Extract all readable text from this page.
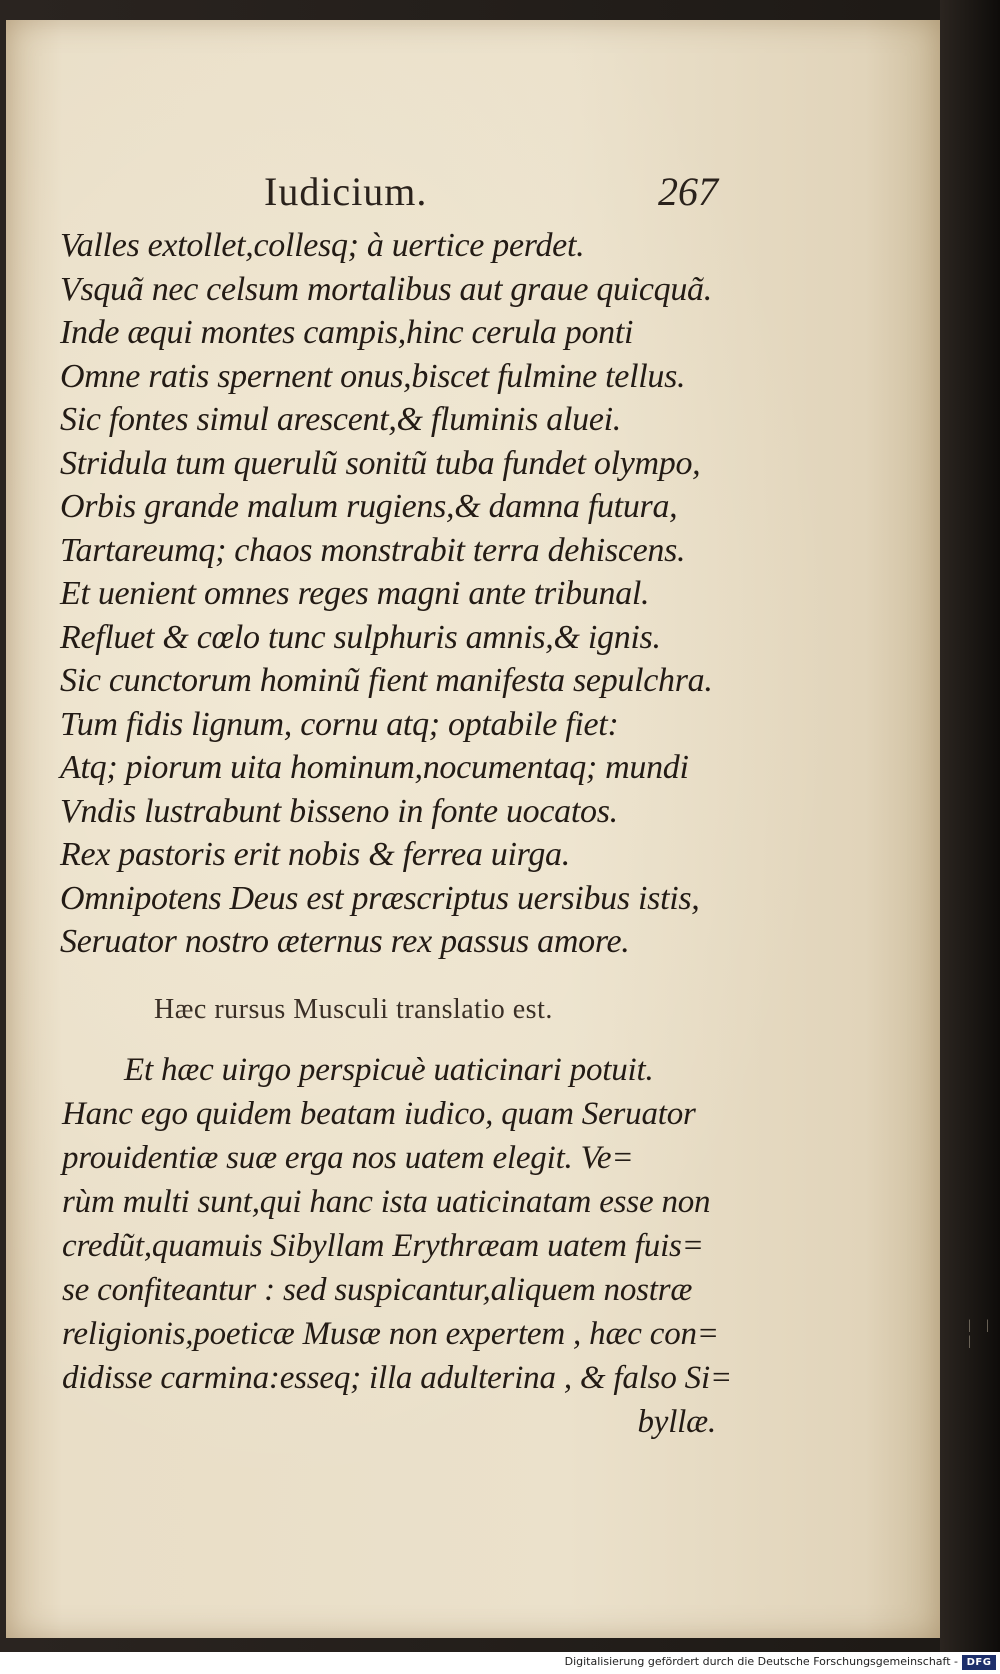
| | |
Iudicium.	267
Valles extollet,collesq; à uertice perdet.
Vsquã nec celsum mortalibus aut graue quicquã.
Inde æqui montes campis,hinc cerula ponti
Omne ratis spernent onus,biscet fulmine tellus.
Sic fontes simul arescent,& fluminis aluei.
Stridula tum querulũ sonitũ tuba fundet olympo,
Orbis grande malum rugiens,& damna futura,
Tartareumq; chaos monstrabit terra dehiscens.
Et uenient omnes reges magni ante tribunal.
Refluet & cœlo tunc sulphuris amnis,& ignis.
Sic cunctorum hominũ fient manifesta sepulchra.
Tum fidis lignum, cornu atq; optabile fiet:
Atq; piorum uita hominum,nocumentaq; mundi
Vndis lustrabunt bisseno in fonte uocatos.
Rex pastoris erit nobis & ferrea uirga.
Omnipotens Deus est præscriptus uersibus istis,
Seruator nostro æternus rex passus amore.
Hæc rursus Musculi translatio est.
Et hæc uirgo perspicuè uaticinari potuit.
Hanc ego quidem beatam iudico, quam Seruator
prouidentiæ suæ erga nos uatem elegit. Ve=
rùm multi sunt,qui hanc ista uaticinatam esse non
credũt,quamuis Sibyllam Erythræam uatem fuis=
se confiteantur : sed suspicantur,aliquem nostræ
religionis,poeticæ Musæ non expertem , hæc con=
didisse carmina:esseq; illa adulterina , & falso Si=
byllæ.
Digitalisierung gefördert durch die Deutsche Forschungsgemeinschaft - DFG
